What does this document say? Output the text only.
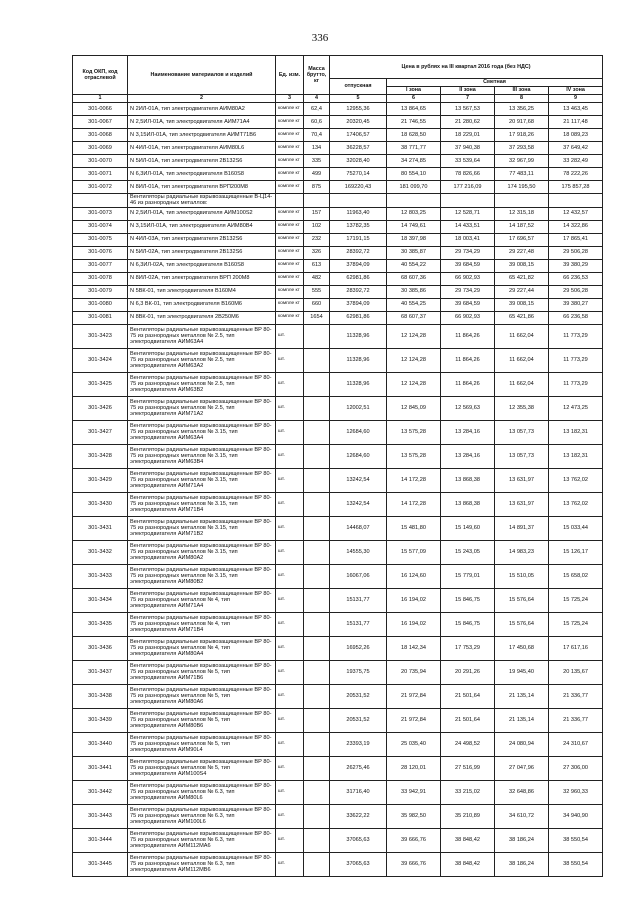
336
Код ОКП, код отраслевой	Наименование материалов и изделий	Ед. изм.	Масса брутто, кг	Цена в рублях на III квартал 2016 года (без НДС)				
				отпускная	Сметная			
					I зона	II зона	III зона	IV зона
1	2	3	4	5	6	7	8	9
301-0066	N 2ИЛ-01А, тип электродвигателя АИМ80А2	компле кт	62,4	12955,36	13 864,65	13 567,53	13 356,25	13 463,45
301-0067	N 2,5ИЛ-01А, тип электродвигателя АИМ71А4	компле кт	60,6	20320,45	21 746,55	21 280,62	20 917,68	21 117,48
301-0068	N 3,15ИЛ-01А, тип электродвигателя АИМТ71В6	компле кт	70,4	17406,57	18 628,50	18 229,01	17 918,26	18 089,23
301-0069	N 4ИЛ-01А, тип электродвигателя АИМ80L6	компле кт	134	36228,57	38 771,77	37 940,38	37 293,58	37 649,42
301-0070	N 5ИЛ-01А, тип электродвигателя 2В132S6	компле кт	335	32028,40	34 274,85	33 539,64	32 967,99	33 282,49
301-0071	N 6,3ИЛ-01А, тип электродвигателя В160S8	компле кт	499	75270,14	80 554,10	78 826,66	77 483,11	78 222,26
301-0072	N 8ИЛ-01А, тип электродвигателя ВРП200М8	компле кт	875	169220,43	181 099,70	177 216,09	174 195,50	175 857,28
	Вентиляторы радиальные взрывозащищенные В-Ц14-46 из разнородных металлов:							
301-0073	N 2,5ИЛ-01А, тип электродвигателя АИМ100S2	компле кт	157	11963,40	12 803,25	12 528,71	12 315,18	12 432,57
301-0074	N 3,15ИЛ-01А, тип электродвигателя АИМ80В4	компле кт	102	13782,35	14 749,61	14 433,51	14 187,52	14 322,86
301-0075	N 4ИЛ-03А, тип электродвигателя 2В132S6	компле кт	232	17191,15	18 397,98	18 003,41	17 696,57	17 865,41
301-0076	N 5ИЛ-02А, тип электродвигателя 2В132S6	компле кт	326	28392,72	30 385,87	29 734,29	29 227,48	29 506,28
301-0077	N 6,3ИЛ-02А, тип электродвигателя В160S8	компле кт	613	37894,09	40 554,22	39 684,59	39 008,15	39 380,29
301-0078	N 8ИЛ-02А, тип электродвигателя ВРП 200М8	компле кт	482	62981,86	68 607,36	66 902,93	65 421,82	66 236,53
301-0079	N 5ВК-01, тип электродвигателя В160М4	компле кт	555	28392,72	30 385,86	29 734,29	29 227,44	29 506,28
301-0080	N 6,3 ВК-01, тип электродвигателя В160М6	компле кт	660	37894,09	40 554,25	39 684,59	39 008,15	39 380,27
301-0081	N 8ВК-01, тип электродвигателя 2В250М6	компле кт	1654	62981,86	68 607,37	66 902,93	65 421,86	66 236,58
301-3423	Вентиляторы радиальные взрывозащищенные ВР 80-75 из разнородных металлов № 2.5, тип электродвигателя АИМ63А4	шт.		11328,96	12 124,28	11 864,26	11 662,04	11 773,29
301-3424	Вентиляторы радиальные взрывозащищенные ВР 80-75 из разнородных металлов № 2.5, тип электродвигателя АИМ63А2	шт.		11328,96	12 124,28	11 864,26	11 662,04	11 773,29
301-3425	Вентиляторы радиальные взрывозащищенные ВР 80-75 из разнородных металлов № 2.5, тип электродвигателя АИМ63В2	шт.		11328,96	12 124,28	11 864,26	11 662,04	11 773,29
301-3426	Вентиляторы радиальные взрывозащищенные ВР 80-75 из разнородных металлов № 2.5, тип электродвигателя АИМ71А2	шт.		12002,51	12 845,09	12 569,63	12 355,38	12 473,25
301-3427	Вентиляторы радиальные взрывозащищенные ВР 80-75 из разнородных металлов № 3.15, тип электродвигателя АИМ63А4	шт.		12684,60	13 575,28	13 284,16	13 057,73	13 182,31
301-3428	Вентиляторы радиальные взрывозащищенные ВР 80-75 из разнородных металлов № 3.15, тип электродвигателя АИМ63В4	шт.		12684,60	13 575,28	13 284,16	13 057,73	13 182,31
301-3429	Вентиляторы радиальные взрывозащищенные ВР 80-75 из разнородных металлов № 3.15, тип электродвигателя АИМ71А4	шт.		13242,54	14 172,28	13 868,38	13 631,97	13 762,02
301-3430	Вентиляторы радиальные взрывозащищенные ВР 80-75 из разнородных металлов № 3.15, тип электродвигателя АИМ71В4	шт.		13242,54	14 172,28	13 868,38	13 631,97	13 762,02
301-3431	Вентиляторы радиальные взрывозащищенные ВР 80-75 из разнородных металлов № 3.15, тип электродвигателя АИМ71В2	шт.		14468,07	15 481,80	15 149,60	14 891,37	15 033,44
301-3432	Вентиляторы радиальные взрывозащищенные ВР 80-75 из разнородных металлов № 3.15, тип электродвигателя АИМ80А2	шт.		14555,30	15 577,09	15 243,05	14 983,23	15 126,17
301-3433	Вентиляторы радиальные взрывозащищенные ВР 80-75 из разнородных металлов № 3.15, тип электродвигателя АИМ80В2	шт.		16067,06	16 124,60	15 779,01	15 510,05	15 658,02
301-3434	Вентиляторы радиальные взрывозащищенные ВР 80-75 из разнородных металлов № 4, тип электродвигателя АИМ71А4	шт.		15131,77	16 194,02	15 846,75	15 576,64	15 725,24
301-3435	Вентиляторы радиальные взрывозащищенные ВР 80-75 из разнородных металлов № 4, тип электродвигателя АИМ71В4	шт.		15131,77	16 194,02	15 846,75	15 576,64	15 725,24
301-3436	Вентиляторы радиальные взрывозащищенные ВР 80-75 из разнородных металлов № 4, тип электродвигателя АИМ80А4	шт.		16952,26	18 142,34	17 753,29	17 450,68	17 617,16
301-3437	Вентиляторы радиальные взрывозащищенные ВР 80-75 из разнородных металлов № 5, тип электродвигателя АИМ71В6	шт.		19375,75	20 735,94	20 291,26	19 945,40	20 135,67
301-3438	Вентиляторы радиальные взрывозащищенные ВР 80-75 из разнородных металлов № 5, тип электродвигателя АИМ80А6	шт.		20531,52	21 972,84	21 501,64	21 135,14	21 336,77
301-3439	Вентиляторы радиальные взрывозащищенные ВР 80-75 из разнородных металлов № 5, тип электродвигателя АИМ80В6	шт.		20531,52	21 972,84	21 501,64	21 135,14	21 336,77
301-3440	Вентиляторы радиальные взрывозащищенные ВР 80-75 из разнородных металлов № 5, тип электродвигателя АИМ90L4	шт.		23393,19	25 035,40	24 498,52	24 080,94	24 310,67
301-3441	Вентиляторы радиальные взрывозащищенные ВР 80-75 из разнородных металлов № 5, тип электродвигателя АИМ100S4	шт.		26275,46	28 120,01	27 516,99	27 047,96	27 306,00
301-3442	Вентиляторы радиальные взрывозащищенные ВР 80-75 из разнородных металлов № 6.3, тип электродвигателя АИМ80L6	шт.		31716,40	33 942,91	33 215,02	32 648,86	32 960,33
301-3443	Вентиляторы радиальные взрывозащищенные ВР 80-75 из разнородных металлов № 6.3, тип электродвигателя АИМ100L6	шт.		33622,22	35 982,50	35 210,89	34 610,72	34 940,90
301-3444	Вентиляторы радиальные взрывозащищенные ВР 80-75 из разнородных металлов № 6.3, тип электродвигателя АИМ112МА6	шт.		37065,63	39 666,76	38 848,42	38 186,24	38 550,54
301-3445	Вентиляторы радиальные взрывозащищенные ВР 80-75 из разнородных металлов № 6.3, тип электродвигателя АИМ112МВ6	шт.		37065,63	39 666,76	38 848,42	38 186,24	38 550,54
